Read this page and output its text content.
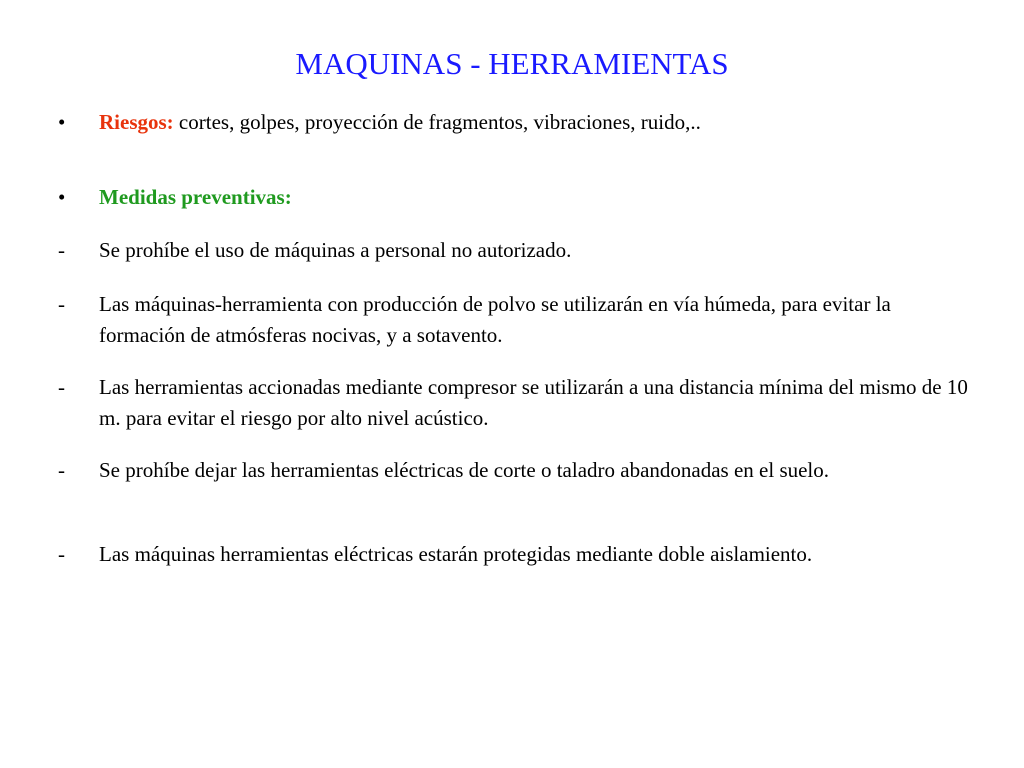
MAQUINAS - HERRAMIENTAS
•	Riesgos: cortes, golpes, proyección de fragmentos, vibraciones, ruido,..
•	Medidas preventivas:
-	Se prohíbe el uso de máquinas a personal no autorizado.
-	Las máquinas-herramienta con producción de polvo se utilizarán en vía húmeda, para evitar la formación de atmósferas nocivas, y a sotavento.
-	Las herramientas accionadas mediante compresor se utilizarán a una distancia mínima del mismo de 10 m. para evitar el riesgo por alto nivel acústico.
-	Se prohíbe dejar las herramientas eléctricas de corte o taladro abandonadas en el suelo.
-	Las máquinas herramientas eléctricas estarán protegidas mediante doble aislamiento.
